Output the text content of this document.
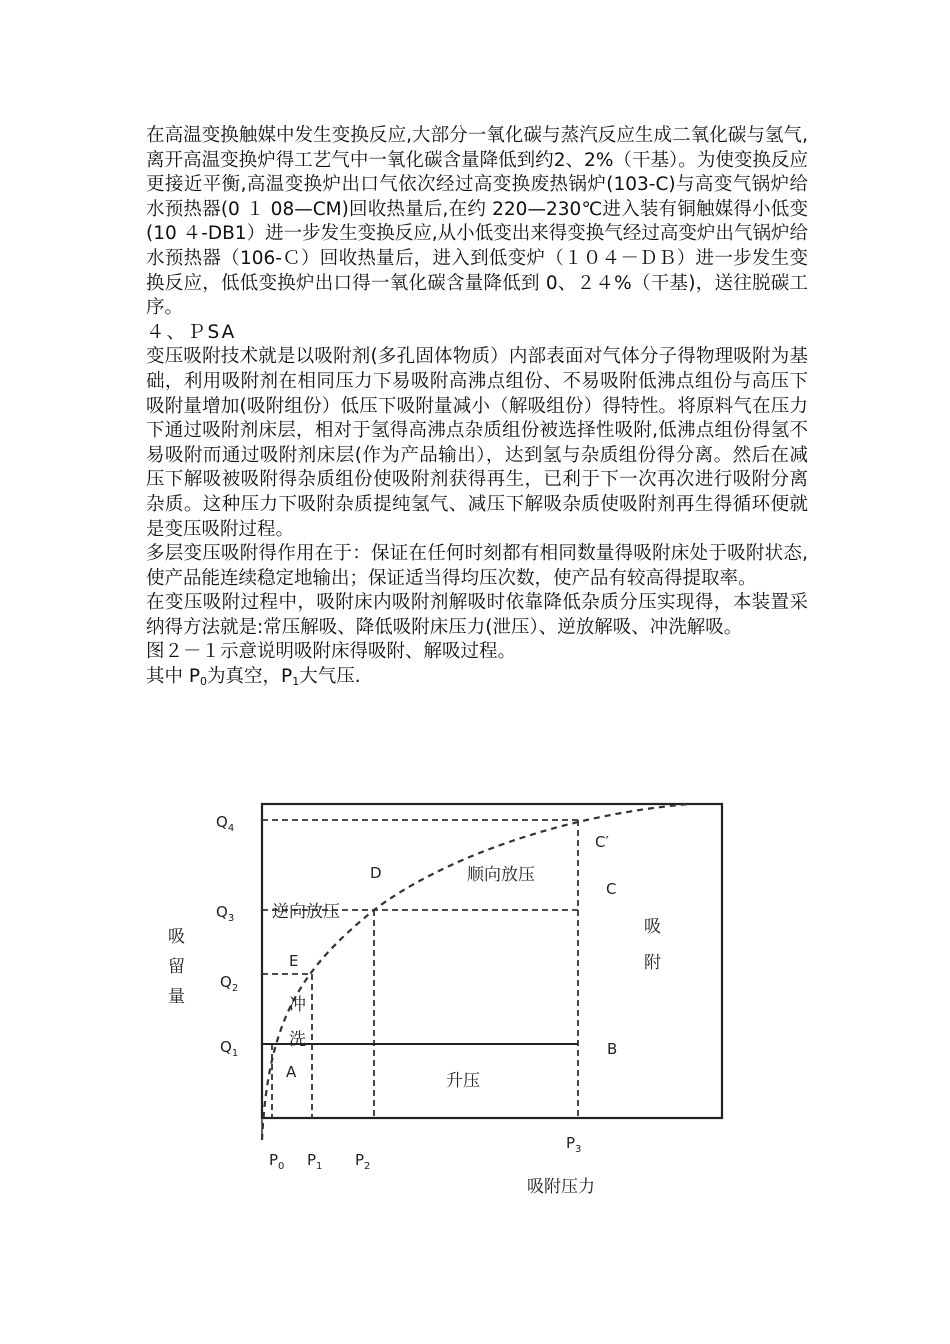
在高温变换触媒中发生变换反应,大部分一氧化碳与蒸汽反应生成二氧化碳与氢气,离开高温变换炉得工艺气中一氧化碳含量降低到约2、2%（干基）。为使变换反应更接近平衡,高温变换炉出口气依次经过高变换废热锅炉(103-C)与高变气锅炉给水预热器(0 １ 08—CM)回收热量后,在约 220—230℃进入装有铜触媒得小低变(10 ４-DB1）进一步发生变换反应,从小低变出来得变换气经过高变炉出气锅炉给水预热器（106-Ｃ）回收热量后，进入到低变炉（１０４－ＤＢ）进一步发生变换反应，低低变换炉出口得一氧化碳含量降低到 0、２４%（干基)，送往脱碳工序。

４、ＰSA

变压吸附技术就是以吸附剂(多孔固体物质）内部表面对气体分子得物理吸附为基础，利用吸附剂在相同压力下易吸附高沸点组份、不易吸附低沸点组份与高压下吸附量增加(吸附组份）低压下吸附量减小（解吸组份）得特性。将原料气在压力下通过吸附剂床层，相对于氢得高沸点杂质组份被选择性吸附,低沸点组份得氢不易吸附而通过吸附剂床层(作为产品输出），达到氢与杂质组份得分离。然后在减压下解吸被吸附得杂质组份使吸附剂获得再生，已利于下一次再次进行吸附分离杂质。这种压力下吸附杂质提纯氢气、减压下解吸杂质使吸附剂再生得循环便就是变压吸附过程。

多层变压吸附得作用在于：保证在任何时刻都有相同数量得吸附床处于吸附状态,使产品能连续稳定地输出；保证适当得均压次数，使产品有较高得提取率。

在变压吸附过程中，吸附床内吸附剂解吸时依靠降低杂质分压实现得，本装置采纳得方法就是:常压解吸、降低吸附床压力(泄压）、逆放解吸、冲洗解吸。

图２－１示意说明吸附床得吸附、解吸过程。

其中 $P_0$为真空，$P_1$大气压.

$Q_4$
$Q_3$
$Q_2$
$Q_1$
$P_0$ $P_1$ $P_2$
$P_3$
吸
留
量
吸附压力
C′
C
D
E
A
B
顺向放压
逆向放压
吸
附
冲
洗
升压
